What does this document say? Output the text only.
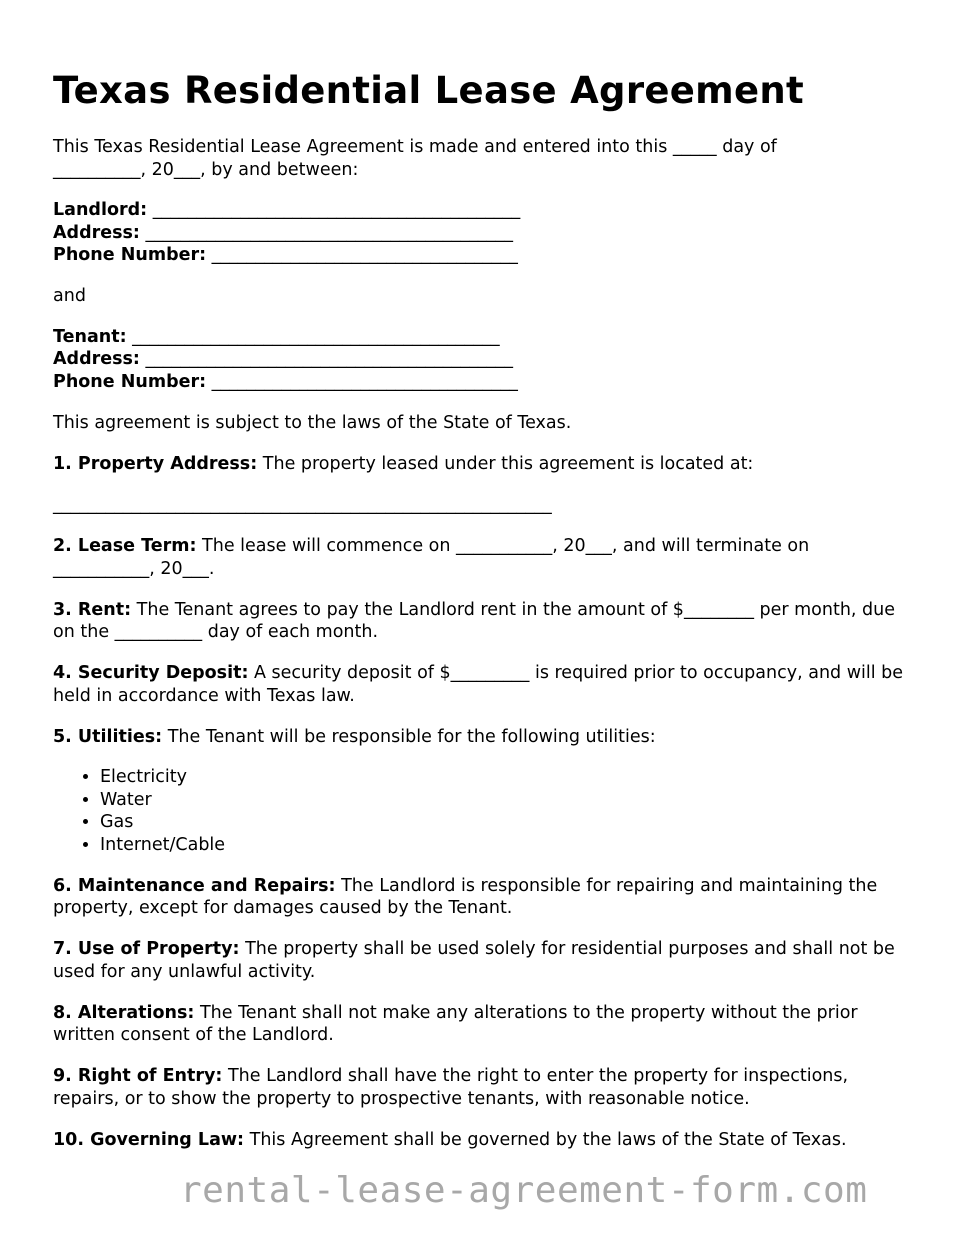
Texas Residential Lease Agreement

This Texas Residential Lease Agreement is made and entered into this _____ day of
__________, 20___, by and between:

Landlord: __________________________________________
Address: __________________________________________
Phone Number: ___________________________________

and

Tenant: __________________________________________
Address: __________________________________________
Phone Number: ___________________________________

This agreement is subject to the laws of the State of Texas.

1. Property Address: The property leased under this agreement is located at:

_________________________________________________________

2. Lease Term: The lease will commence on ___________, 20___, and will terminate on ___________, 20___.

3. Rent: The Tenant agrees to pay the Landlord rent in the amount of $________ per month, due on the __________ day of each month.

4. Security Deposit: A security deposit of $_________ is required prior to occupancy, and will be held in accordance with Texas law.

5. Utilities: The Tenant will be responsible for the following utilities:

• Electricity
• Water
• Gas
• Internet/Cable

6. Maintenance and Repairs: The Landlord is responsible for repairing and maintaining the property, except for damages caused by the Tenant.

7. Use of Property: The property shall be used solely for residential purposes and shall not be used for any unlawful activity.

8. Alterations: The Tenant shall not make any alterations to the property without the prior written consent of the Landlord.

9. Right of Entry: The Landlord shall have the right to enter the property for inspections, repairs, or to show the property to prospective tenants, with reasonable notice.

10. Governing Law: This Agreement shall be governed by the laws of the State of Texas.

rental-lease-agreement-form.com
